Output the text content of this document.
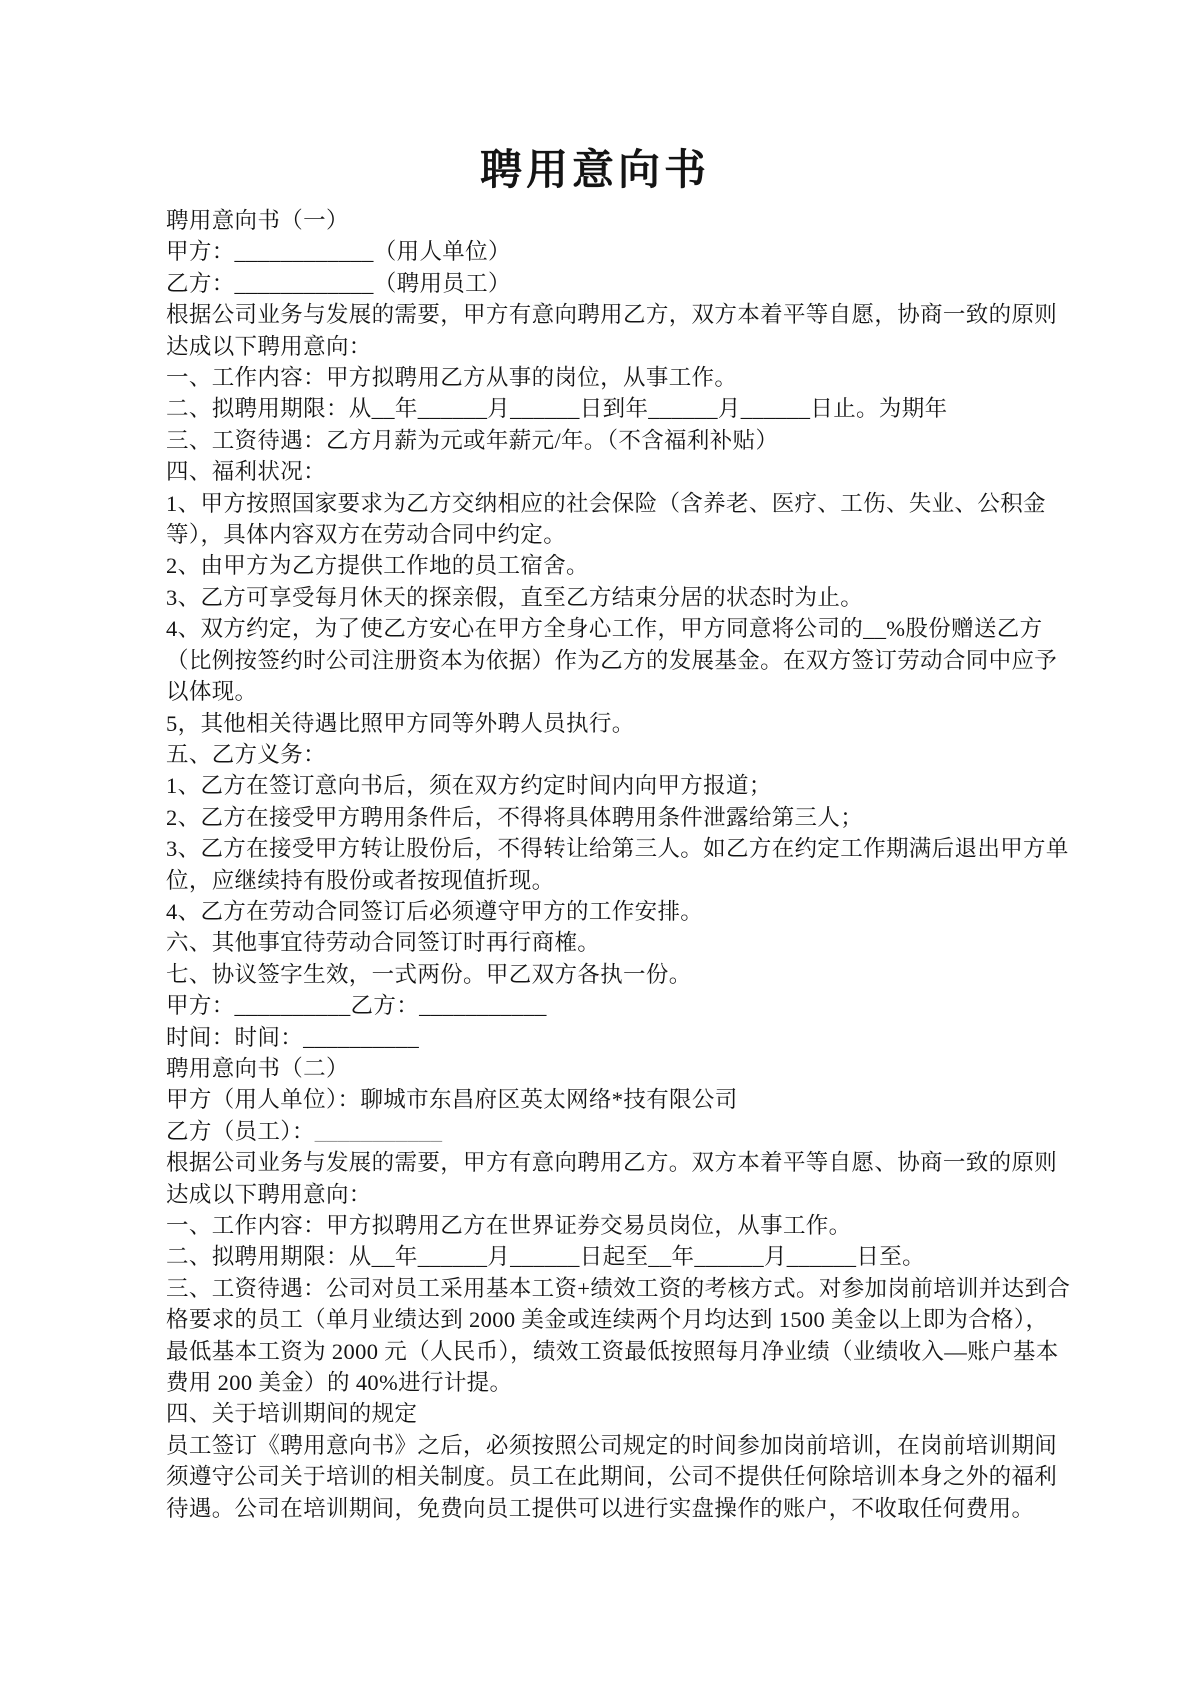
聘用意向书
聘用意向书（一）
甲方：____________（用人单位）
乙方：____________（聘用员工）
根据公司业务与发展的需要，甲方有意向聘用乙方，双方本着平等自愿，协商一致的原则
达成以下聘用意向：
一、工作内容：甲方拟聘用乙方从事的岗位，从事工作。
二、拟聘用期限：从__年______月______日到年______月______日止。为期年
三、工资待遇：乙方月薪为元或年薪元/年。（不含福利补贴）
四、福利状况：
1、甲方按照国家要求为乙方交纳相应的社会保险（含养老、医疗、工伤、失业、公积金
等），具体内容双方在劳动合同中约定。
2、由甲方为乙方提供工作地的员工宿舍。
3、乙方可享受每月休天的探亲假，直至乙方结束分居的状态时为止。
4、双方约定，为了使乙方安心在甲方全身心工作，甲方同意将公司的__%股份赠送乙方
（比例按签约时公司注册资本为依据）作为乙方的发展基金。在双方签订劳动合同中应予
以体现。
5，其他相关待遇比照甲方同等外聘人员执行。
五、乙方义务：
1、乙方在签订意向书后，须在双方约定时间内向甲方报道；
2、乙方在接受甲方聘用条件后，不得将具体聘用条件泄露给第三人；
3、乙方在接受甲方转让股份后，不得转让给第三人。如乙方在约定工作期满后退出甲方单
位，应继续持有股份或者按现值折现。
4、乙方在劳动合同签订后必须遵守甲方的工作安排。
六、其他事宜待劳动合同签订时再行商榷。
七、协议签字生效，一式两份。甲乙双方各执一份。
甲方：__________乙方：___________
时间：时间：__________
聘用意向书（二）
甲方（用人单位）：聊城市东昌府区英太网络*技有限公司
乙方（员工）：___________
根据公司业务与发展的需要，甲方有意向聘用乙方。双方本着平等自愿、协商一致的原则
达成以下聘用意向：
一、工作内容：甲方拟聘用乙方在世界证券交易员岗位，从事工作。
二、拟聘用期限：从__年______月______日起至__年______月______日至。
三、工资待遇：公司对员工采用基本工资+绩效工资的考核方式。对参加岗前培训并达到合
格要求的员工（单月业绩达到 2000 美金或连续两个月均达到 1500 美金以上即为合格），
最低基本工资为 2000 元（人民币），绩效工资最低按照每月净业绩（业绩收入—账户基本
费用 200 美金）的 40%进行计提。
四、关于培训期间的规定
员工签订《聘用意向书》之后，必须按照公司规定的时间参加岗前培训，在岗前培训期间
须遵守公司关于培训的相关制度。员工在此期间，公司不提供任何除培训本身之外的福利
待遇。公司在培训期间，免费向员工提供可以进行实盘操作的账户，不收取任何费用。
